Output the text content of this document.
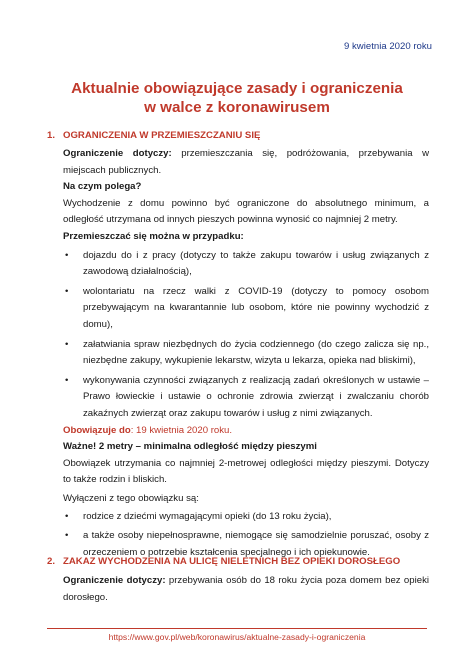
9 kwietnia 2020 roku
Aktualnie obowiązujące zasady i ograniczenia
w walce z koronawirusem
1. OGRANICZENIA W PRZEMIESZCZANIU SIĘ

Ograniczenie dotyczy: przemieszczania się, podróżowania, przebywania w miejscach publicznych.

Na czym polega?

Wychodzenie z domu powinno być ograniczone do absolutnego minimum, a odległość utrzymana od innych pieszych powinna wynosić co najmniej 2 metry.

Przemieszczać się można w przypadku:

• dojazdu do i z pracy (dotyczy to także zakupu towarów i usług związanych z zawodową działalnością),
• wolontariatu na rzecz walki z COVID-19 (dotyczy to pomocy osobom przebywającym na kwarantannie lub osobom, które nie powinny wychodzić z domu),
• załatwiania spraw niezbędnych do życia codziennego (do czego zalicza się np., niezbędne zakupy, wykupienie lekarstw, wizyta u lekarza, opieka nad bliskimi),
• wykonywania czynności związanych z realizacją zadań określonych w ustawie – Prawo łowieckie i ustawie o ochronie zdrowia zwierząt i zwalczaniu chorób zakaźnych zwierząt oraz zakupu towarów i usług z nimi związanych.

Obowiązuje do: 19 kwietnia 2020 roku.

Ważne! 2 metry – minimalna odległość między pieszymi

Obowiązek utrzymania co najmniej 2-metrowej odległości między pieszymi. Dotyczy to także rodzin i bliskich.

Wyłączeni z tego obowiązku są:

• rodzice z dziećmi wymagającymi opieki (do 13 roku życia),
• a także osoby niepełnosprawne, niemogące się samodzielnie poruszać, osoby z orzeczeniem o potrzebie kształcenia specjalnego i ich opiekunowie.
2. ZAKAZ WYCHODZENIA NA ULICĘ NIELETNICH BEZ OPIEKI DOROSŁEGO

Ograniczenie dotyczy: przebywania osób do 18 roku życia poza domem bez opieki dorosłego.

https://www.gov.pl/web/koronawirus/aktualne-zasady-i-ograniczenia
